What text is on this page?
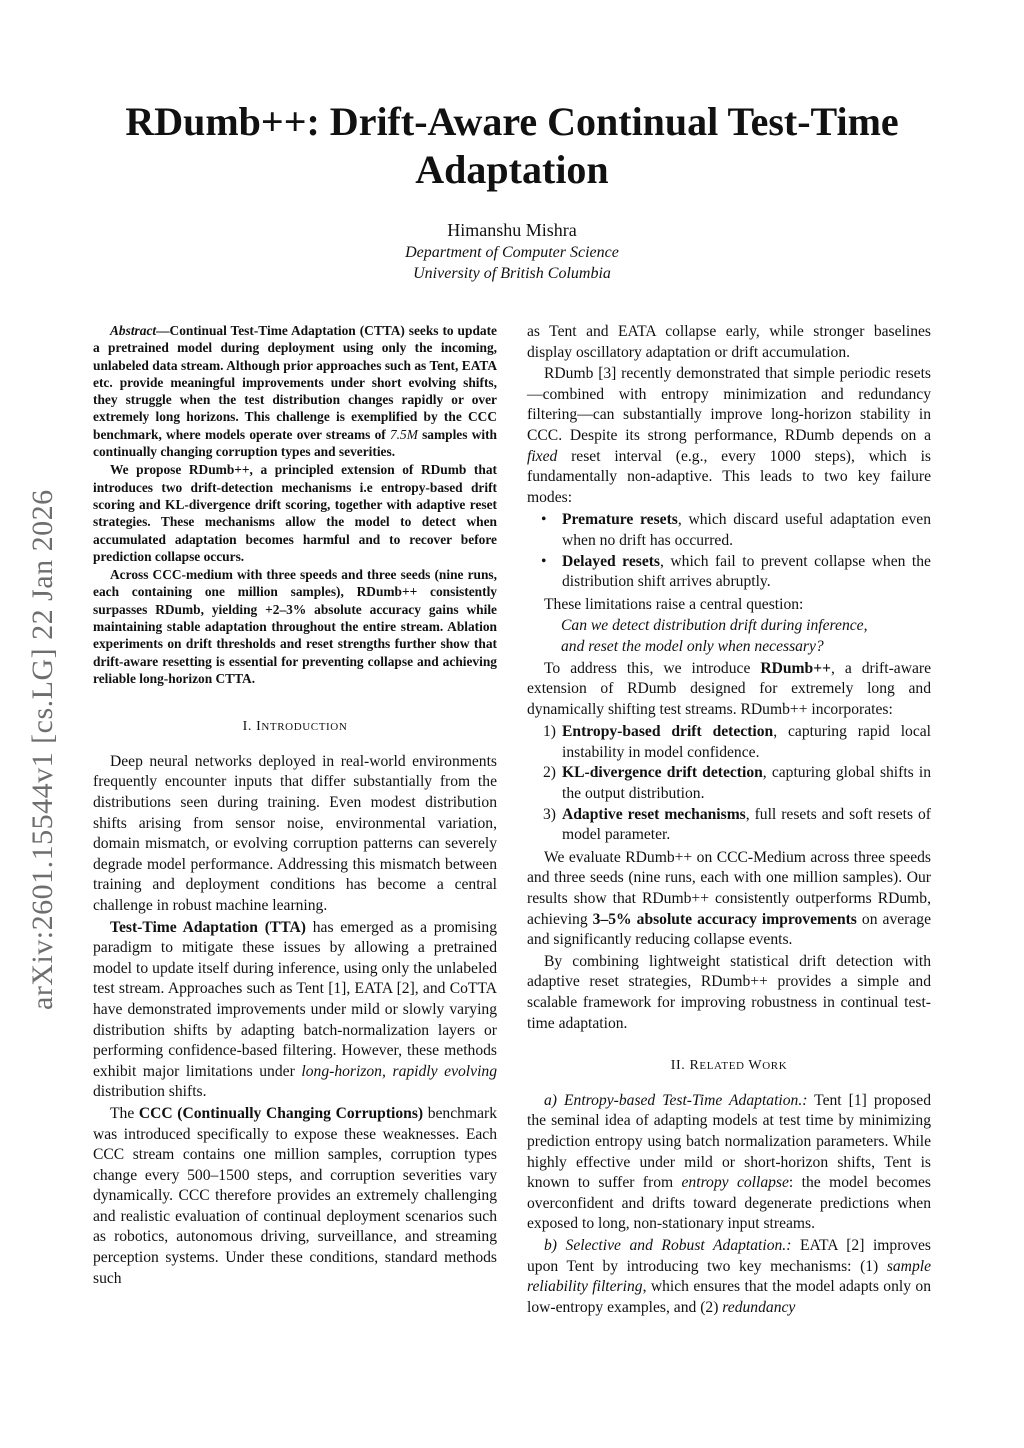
arXiv:2601.15544v1 [cs.LG] 22 Jan 2026
RDumb++: Drift-Aware Continual Test-Time Adaptation
Himanshu Mishra
Department of Computer Science
University of British Columbia

Abstract—Continual Test-Time Adaptation (CTTA) seeks to update a pretrained model during deployment using only the incoming, unlabeled data stream. Although prior approaches such as Tent, EATA etc. provide meaningful improvements under short evolving shifts, they struggle when the test distribution changes rapidly or over extremely long horizons. This challenge is exemplified by the CCC benchmark, where models operate over streams of 7.5M samples with continually changing corruption types and severities.

We propose RDumb++, a principled extension of RDumb that introduces two drift-detection mechanisms i.e entropy-based drift scoring and KL-divergence drift scoring, together with adaptive reset strategies. These mechanisms allow the model to detect when accumulated adaptation becomes harmful and to recover before prediction collapse occurs.

Across CCC-medium with three speeds and three seeds (nine runs, each containing one million samples), RDumb++ consistently surpasses RDumb, yielding +2–3% absolute accuracy gains while maintaining stable adaptation throughout the entire stream. Ablation experiments on drift thresholds and reset strengths further show that drift-aware resetting is essential for preventing collapse and achieving reliable long-horizon CTTA.

I. INTRODUCTION

Deep neural networks deployed in real-world environments frequently encounter inputs that differ substantially from the distributions seen during training. Even modest distribution shifts arising from sensor noise, environmental variation, domain mismatch, or evolving corruption patterns can severely degrade model performance. Addressing this mismatch between training and deployment conditions has become a central challenge in robust machine learning.

Test-Time Adaptation (TTA) has emerged as a promising paradigm to mitigate these issues by allowing a pretrained model to update itself during inference, using only the unlabeled test stream. Approaches such as Tent [1], EATA [2], and CoTTA have demonstrated improvements under mild or slowly varying distribution shifts by adapting batch-normalization layers or performing confidence-based filtering. However, these methods exhibit major limitations under long-horizon, rapidly evolving distribution shifts.

The CCC (Continually Changing Corruptions) benchmark was introduced specifically to expose these weaknesses. Each CCC stream contains one million samples, corruption types change every 500–1500 steps, and corruption severities vary dynamically. CCC therefore provides an extremely challenging and realistic evaluation of continual deployment scenarios such as robotics, autonomous driving, surveillance, and streaming perception systems. Under these conditions, standard methods such

as Tent and EATA collapse early, while stronger baselines display oscillatory adaptation or drift accumulation.

RDumb [3] recently demonstrated that simple periodic resets—combined with entropy minimization and redundancy filtering—can substantially improve long-horizon stability in CCC. Despite its strong performance, RDumb depends on a fixed reset interval (e.g., every 1000 steps), which is fundamentally non-adaptive. This leads to two key failure modes:

• Premature resets, which discard useful adaptation even when no drift has occurred.
• Delayed resets, which fail to prevent collapse when the distribution shift arrives abruptly.

These limitations raise a central question:

Can we detect distribution drift during inference,
and reset the model only when necessary?

To address this, we introduce RDumb++, a drift-aware extension of RDumb designed for extremely long and dynamically shifting test streams. RDumb++ incorporates:

1) Entropy-based drift detection, capturing rapid local instability in model confidence.
2) KL-divergence drift detection, capturing global shifts in the output distribution.
3) Adaptive reset mechanisms, full resets and soft resets of model parameter.

We evaluate RDumb++ on CCC-Medium across three speeds and three seeds (nine runs, each with one million samples). Our results show that RDumb++ consistently outperforms RDumb, achieving 3–5% absolute accuracy improvements on average and significantly reducing collapse events.

By combining lightweight statistical drift detection with adaptive reset strategies, RDumb++ provides a simple and scalable framework for improving robustness in continual test-time adaptation.

II. RELATED WORK

a) Entropy-based Test-Time Adaptation.: Tent [1] proposed the seminal idea of adapting models at test time by minimizing prediction entropy using batch normalization parameters. While highly effective under mild or short-horizon shifts, Tent is known to suffer from entropy collapse: the model becomes overconfident and drifts toward degenerate predictions when exposed to long, non-stationary input streams.

b) Selective and Robust Adaptation.: EATA [2] improves upon Tent by introducing two key mechanisms: (1) sample reliability filtering, which ensures that the model adapts only on low-entropy examples, and (2) redundancy
